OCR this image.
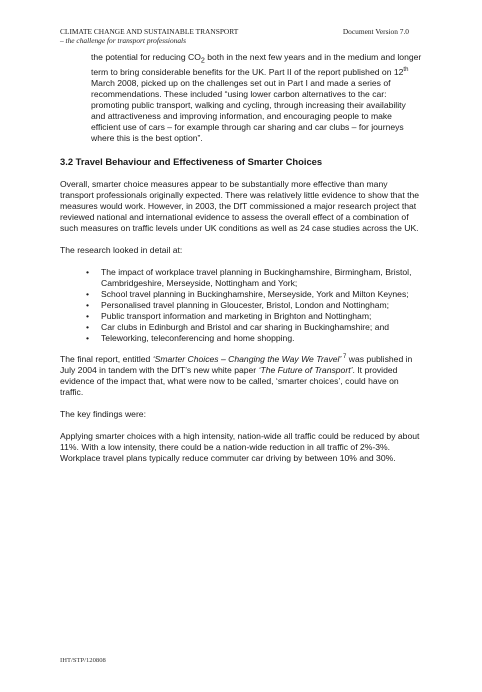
CLIMATE CHANGE AND SUSTAINABLE TRANSPORT
– the challenge for transport professionals
Document Version 7.0
the potential for reducing $CO_2$ both in the next few years and in the medium and longer term to bring considerable benefits for the UK. Part II of the report published on 12th March 2008, picked up on the challenges set out in Part I and made a series of recommendations. These included “using lower carbon alternatives to the car: promoting public transport, walking and cycling, through increasing their availability and attractiveness and improving information, and encouraging people to make efficient use of cars – for example through car sharing and car clubs – for journeys where this is the best option”.
3.2 Travel Behaviour and Effectiveness of Smarter Choices

Overall, smarter choice measures appear to be substantially more effective than many transport professionals originally expected. There was relatively little evidence to show that the measures would work. However, in 2003, the DfT commissioned a major research project that reviewed national and international evidence to assess the overall effect of a combination of such measures on traffic levels under UK conditions as well as 24 case studies across the UK.

The research looked in detail at:

• The impact of workplace travel planning in Buckinghamshire, Birmingham, Bristol, Cambridgeshire, Merseyside, Nottingham and York;
• School travel planning in Buckinghamshire, Merseyside, York and Milton Keynes;
• Personalised travel planning in Gloucester, Bristol, London and Nottingham;
• Public transport information and marketing in Brighton and Nottingham;
• Car clubs in Edinburgh and Bristol and car sharing in Buckinghamshire; and
• Teleworking, teleconferencing and home shopping.

The final report, entitled ‘Smarter Choices – Changing the Way We Travel’ $^7$ was published in July 2004 in tandem with the DfT’s new white paper ‘The Future of Transport’. It provided evidence of the impact that, what were now to be called, ‘smarter choices’, could have on traffic.

The key findings were:

Applying smarter choices with a high intensity, nation-wide all traffic could be reduced by about 11%. With a low intensity, there could be a nation-wide reduction in all traffic of 2%-3%. Workplace travel plans typically reduce commuter car driving by between 10% and 30%.

IHT/STP/120808
